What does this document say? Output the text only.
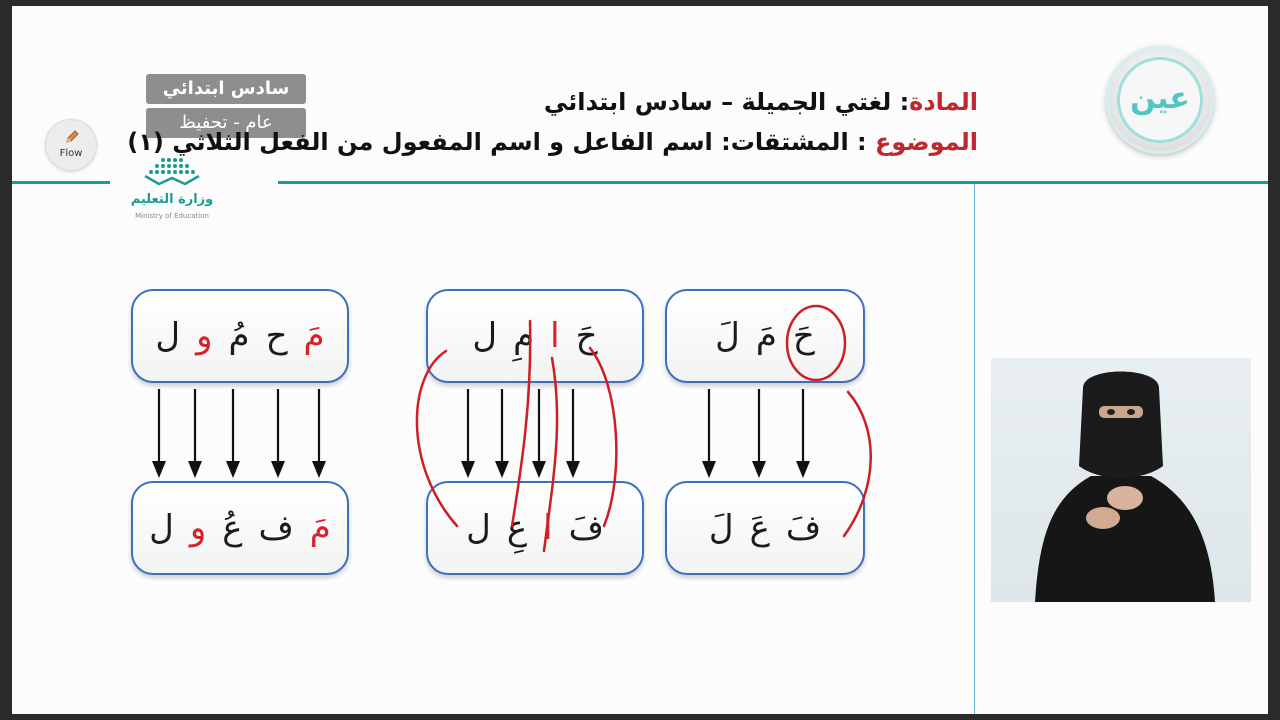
سادس ابتدائي
عام - تحفيظ
Flow
المادة: لغتي الجميلة – سادس ابتدائي
الموضوع : المشتقات: اسم الفاعل و اسم المفعول من الفعل الثلاثي (١)
عين
وزارة التعليم
Ministry of Education
مَ
ح
مُ
و
ل
مَ
ف
عُ
و
ل
حَ
ا
مِ
ل
فَ
ا
عِ
ل
حَ
مَ
لَ
فَ
عَ
لَ
